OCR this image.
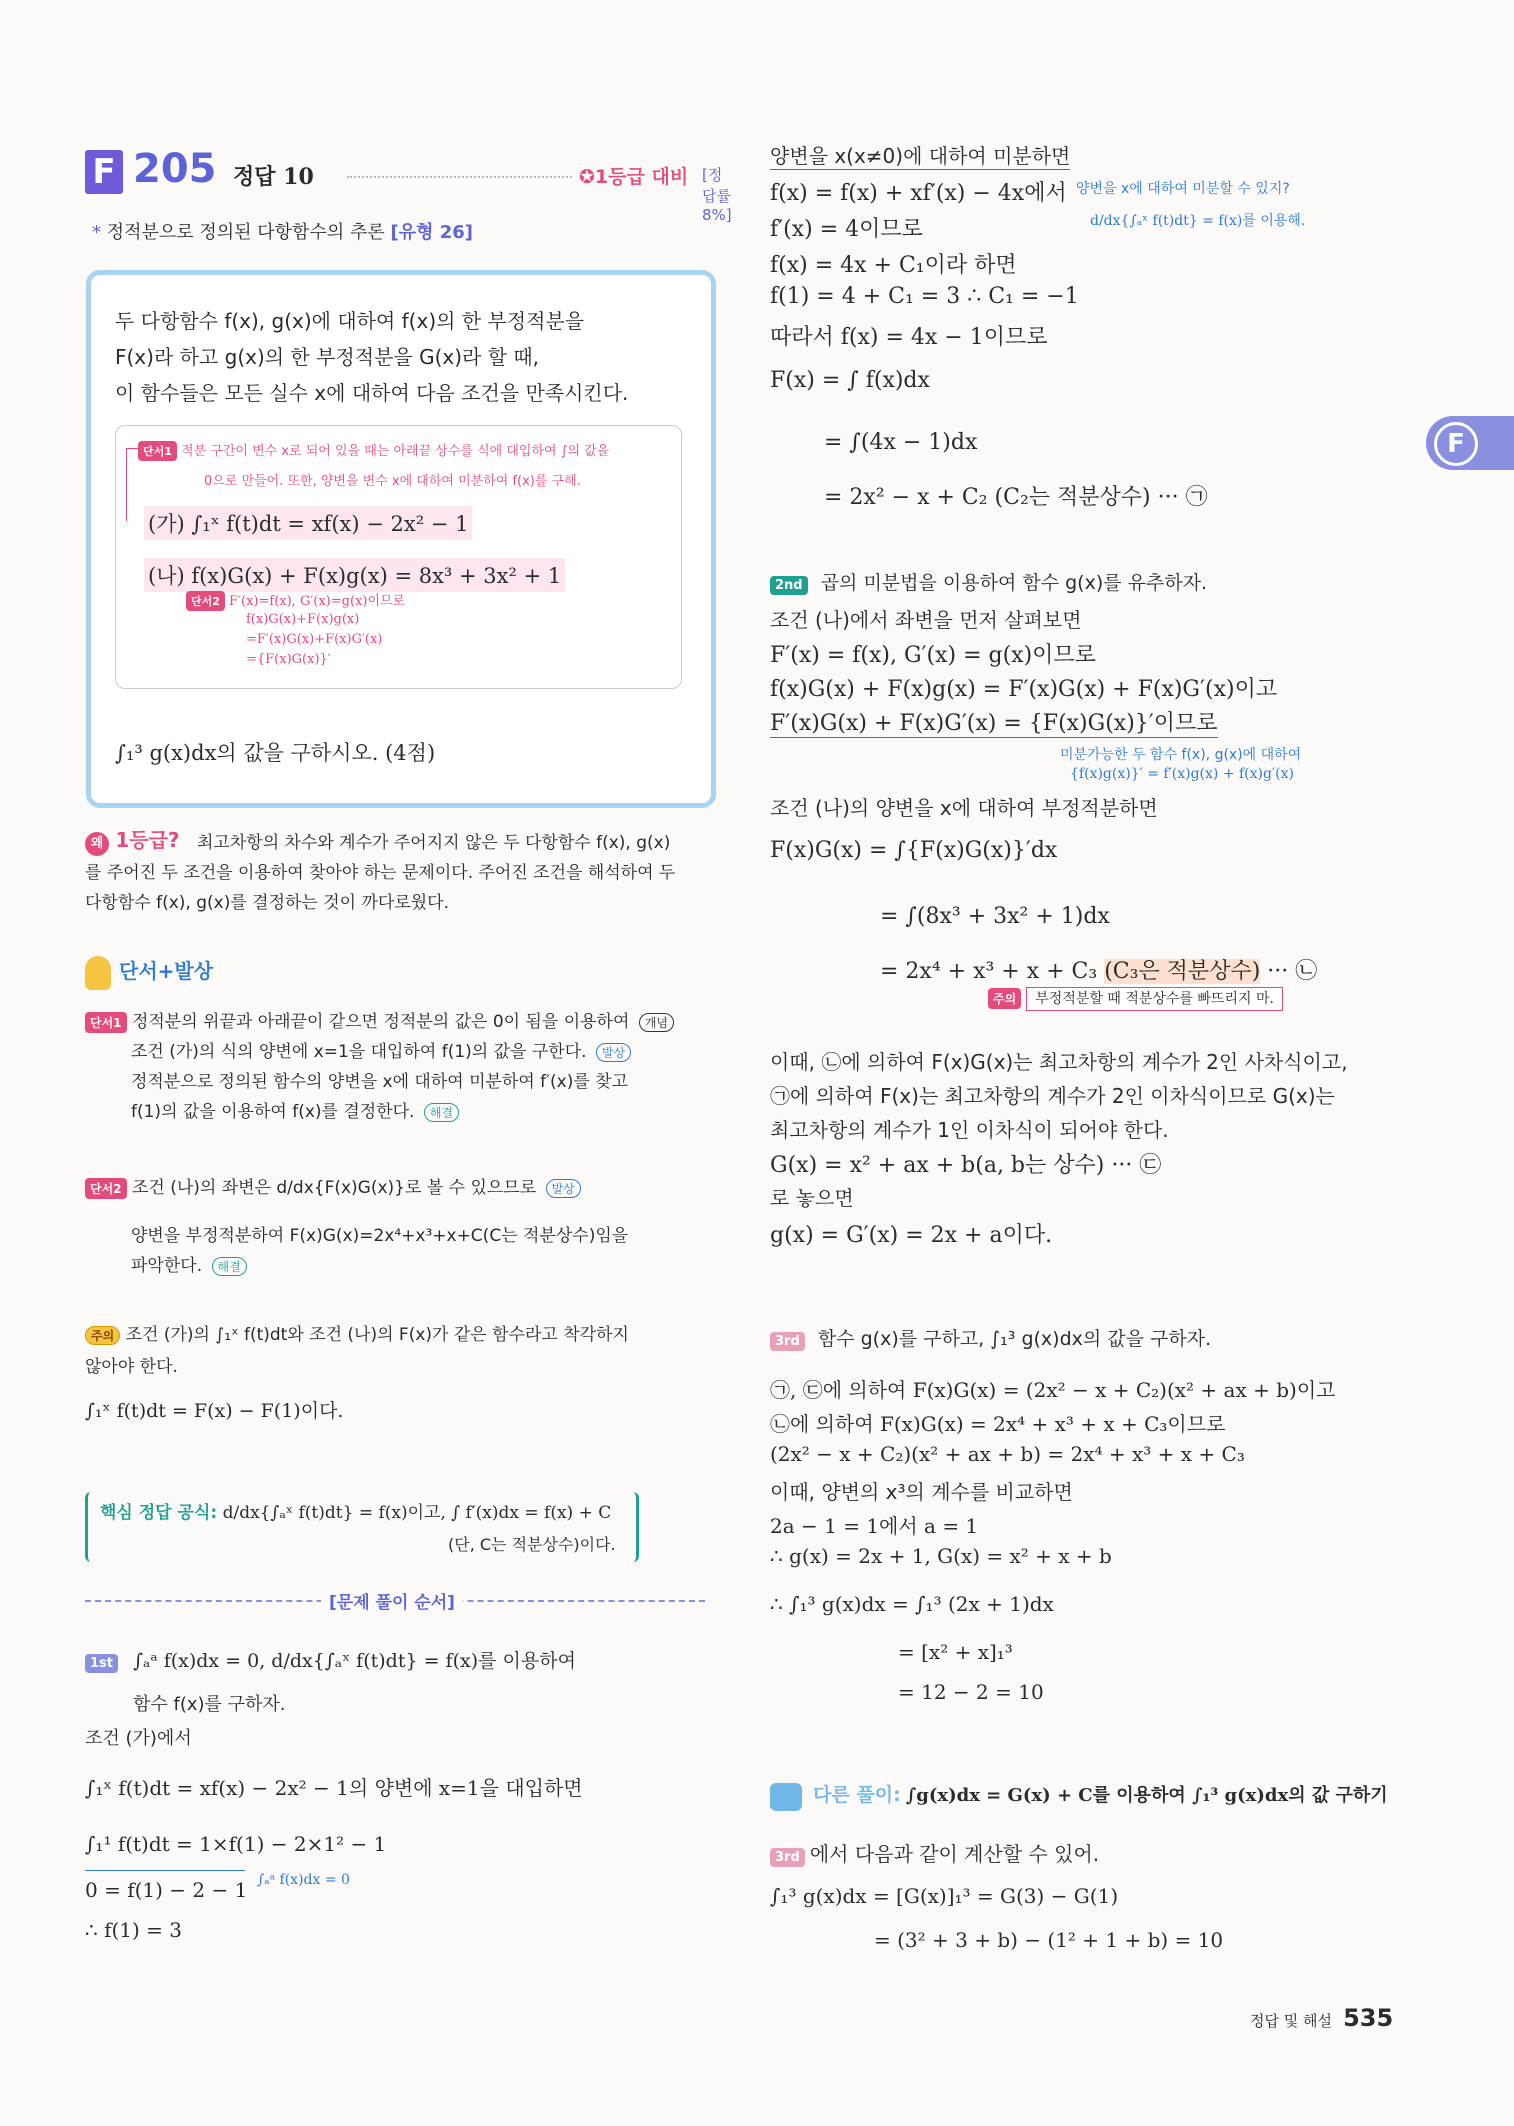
F 205 정답 10	✪1등급 대비 [정답률 8%]
* 정적분으로 정의된 다항함수의 추론 [유형 26]
두 다항함수 f(x), g(x)에 대하여 f(x)의 한 부정적분을
F(x)라 하고 g(x)의 한 부정적분을 G(x)라 할 때,
이 함수들은 모든 실수 x에 대하여 다음 조건을 만족시킨다.
단서1 적분 구간이 변수 x로 되어 있을 때는 아래끝 상수를 식에 대입하여 ∫의 값을
0으로 만들어. 또한, 양변을 변수 x에 대하여 미분하여 f(x)를 구해.
(가) ∫₁ˣ f(t)dt = xf(x) − 2x² − 1
(나) f(x)G(x) + F(x)g(x) = 8x³ + 3x² + 1
단서2 F′(x)=f(x), G′(x)=g(x)이므로
f(x)G(x)+F(x)g(x)
=F′(x)G(x)+F(x)G′(x)
={F(x)G(x)}′
∫₁³ g(x)dx의 값을 구하시오. (4점)
왜 1등급? 최고차항의 차수와 계수가 주어지지 않은 두 다항함수 f(x), g(x)
를 주어진 두 조건을 이용하여 찾아야 하는 문제이다. 주어진 조건을 해석하여 두
다항함수 f(x), g(x)를 결정하는 것이 까다로웠다.
단서+발상
단서1 정적분의 위끝과 아래끝이 같으면 정적분의 값은 0이 됨을 이용하여 개념
조건 (가)의 식의 양변에 x=1을 대입하여 f(1)의 값을 구한다. 발상
정적분으로 정의된 함수의 양변을 x에 대하여 미분하여 f′(x)를 찾고
f(1)의 값을 이용하여 f(x)를 결정한다. 해결
단서2 조건 (나)의 좌변은 d/dx{F(x)G(x)}로 볼 수 있으므로 발상
양변을 부정적분하여 F(x)G(x)=2x⁴+x³+x+C(C는 적분상수)임을
파악한다. 해결
주의 조건 (가)의 ∫₁ˣ f(t)dt와 조건 (나)의 F(x)가 같은 함수라고 착각하지
않아야 한다.
∫₁ˣ f(t)dt = F(x) − F(1)이다.
핵심 정답 공식: d/dx{∫ₐˣ f(t)dt} = f(x)이고, ∫ f′(x)dx = f(x) + C
(단, C는 적분상수)이다.
[문제 풀이 순서]
1st ∫ₐᵃ f(x)dx = 0, d/dx{∫ₐˣ f(t)dt} = f(x)를 이용하여
함수 f(x)를 구하자.
조건 (가)에서
∫₁ˣ f(t)dt = xf(x) − 2x² − 1의 양변에 x=1을 대입하면
∫₁¹ f(t)dt = 1×f(1) − 2×1² − 1
0 = f(1) − 2 − 1 ∫ₐᵃ f(x)dx = 0
∴ f(1) = 3
양변을 x(x≠0)에 대하여 미분하면
f(x) = f(x) + xf′(x) − 4x에서 양변을 x에 대하여 미분할 수 있지?
d/dx{∫ₐˣ f(t)dt} = f(x)를 이용해.
f′(x) = 4이므로
f(x) = 4x + C₁이라 하면
f(1) = 4 + C₁ = 3 ∴ C₁ = −1
따라서 f(x) = 4x − 1이므로
F(x) = ∫ f(x)dx
= ∫(4x − 1)dx
= 2x² − x + C₂ (C₂는 적분상수) ··· ㉠
2nd 곱의 미분법을 이용하여 함수 g(x)를 유추하자.
조건 (나)에서 좌변을 먼저 살펴보면
F′(x) = f(x), G′(x) = g(x)이므로
f(x)G(x) + F(x)g(x) = F′(x)G(x) + F(x)G′(x)이고
F′(x)G(x) + F(x)G′(x) = {F(x)G(x)}′이므로
미분가능한 두 함수 f(x), g(x)에 대하여
{f(x)g(x)}′ = f′(x)g(x) + f(x)g′(x)
조건 (나)의 양변을 x에 대하여 부정적분하면
F(x)G(x) = ∫{F(x)G(x)}′dx
= ∫(8x³ + 3x² + 1)dx
= 2x⁴ + x³ + x + C₃ (C₃은 적분상수) ··· ㉡
주의 부정적분할 때 적분상수를 빠뜨리지 마.
이때, ㉡에 의하여 F(x)G(x)는 최고차항의 계수가 2인 사차식이고,
㉠에 의하여 F(x)는 최고차항의 계수가 2인 이차식이므로 G(x)는
최고차항의 계수가 1인 이차식이 되어야 한다.
G(x) = x² + ax + b(a, b는 상수) ··· ㉢
로 놓으면
g(x) = G′(x) = 2x + a이다.
3rd 함수 g(x)를 구하고, ∫₁³ g(x)dx의 값을 구하자.
㉠, ㉢에 의하여 F(x)G(x) = (2x² − x + C₂)(x² + ax + b)이고
㉡에 의하여 F(x)G(x) = 2x⁴ + x³ + x + C₃이므로
(2x² − x + C₂)(x² + ax + b) = 2x⁴ + x³ + x + C₃
이때, 양변의 x³의 계수를 비교하면
2a − 1 = 1에서 a = 1
∴ g(x) = 2x + 1, G(x) = x² + x + b
∴ ∫₁³ g(x)dx = ∫₁³ (2x + 1)dx
= [x² + x]₁³
= 12 − 2 = 10
다른 풀이: ∫g(x)dx = G(x) + C를 이용하여 ∫₁³ g(x)dx의 값 구하기
3rd 에서 다음과 같이 계산할 수 있어.
∫₁³ g(x)dx = [G(x)]₁³ = G(3) − G(1)
= (3² + 3 + b) − (1² + 1 + b) = 10
F
정답 및 해설 535
